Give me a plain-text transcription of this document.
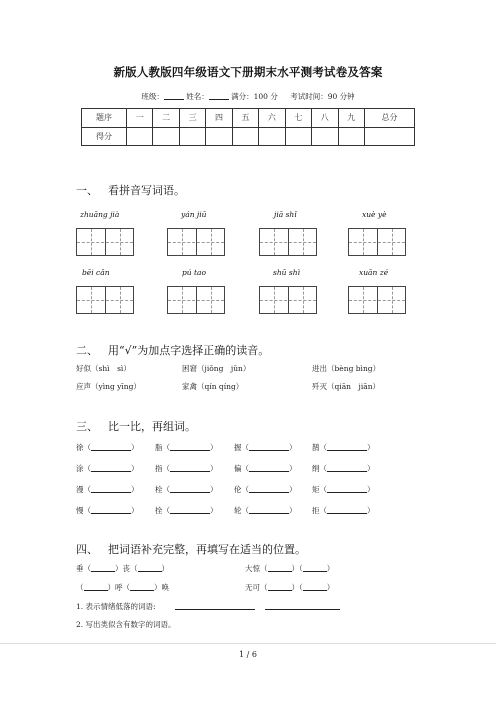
新版人教版四年级语文下册期末水平测考试卷及答案
班级：	姓名：	满分：100 分 考试时间：90 分钟
题序	一	二	三	四	五	六	七	八	九	总分
得分										
一、 看拼音写词语。
zhuāng jià	yán jiū	jiā shǐ	xuè yè
bēi cǎn	pú tao	shū shì	xuān zé
二、 用“√”为加点字选择正确的读音。
好似（shì　sì）	困窘（jiǒng　jǔn）	进出（bèng bìng）
应声（yìng yīng）	家禽（qín qíng）	歼灭（qiān　jiān）
三、 比一比，再组词。
徐（	） 脂（	） 握（	） 鹊（	）
涂（	） 指（	） 偏（	） 绢（	）
漫（	） 栓（	） 伦（	） 矩（	）
慢（	） 拴（	） 轮（	） 拒（	）
四、 把词语补充完整，再填写在适当的位置。
垂（	）丧（	）	大惊（	）（	）
（	）呼（	）唤	无可（	）（	）
1. 表示情绪低落的词语:
2. 写出类似含有数字的词语。
1 / 6
